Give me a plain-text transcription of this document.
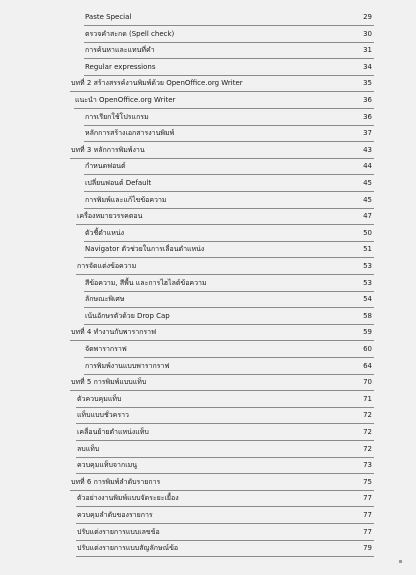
Paste Special	29
ตรวจคำสะกด (Spell check)	30
การค้นหาและแทนที่คำ	31
Regular expressions	34
บทที่ 2 สร้างสรรค์งานพิมพ์ด้วย OpenOffice.org Writer	35
แนะนำ OpenOffice.org Writer	36
การเรียกใช้โปรแกรม	36
หลักการสร้างเอกสารงานพิมพ์	37
บทที่ 3 หลักการพิมพ์งาน	43
กำหนดฟอนต์	44
เปลี่ยนฟอนต์ Default	45
การพิมพ์และแก้ไขข้อความ	45
เครื่องหมายวรรคตอน	47
ตัวชี้ตำแหน่ง	50
Navigator ตัวช่วยในการเลื่อนตำแหน่ง	51
การจัดแต่งข้อความ	53
สีข้อความ, สีพื้น และการไฮไลต์ข้อความ	53
ลักษณะพิเศษ	54
เน้นอักษรตัวด้วย Drop Cap	58
บทที่ 4 ทำงานกับพารากราฟ	59
จัดพารากราฟ	60
การพิมพ์งานแบบพารากราฟ	64
บทที่ 5 การพิมพ์แบบแท็บ	70
ตัวควบคุมแท็บ	71
แท็บแบบชั่วคราว	72
เคลื่อนย้ายตำแหน่งแท็บ	72
ลบแท็บ	72
ควบคุมแท็บจากเมนู	73
บทที่ 6 การพิมพ์ลำดับรายการ	75
ตัวอย่างงานพิมพ์แบบจัดระยะเยื้อง	77
ควบคุมลำดับของรายการ	77
ปรับแต่งรายการแบบเลขข้อ	77
ปรับแต่งรายการแบบสัญลักษณ์ข้อ	79
